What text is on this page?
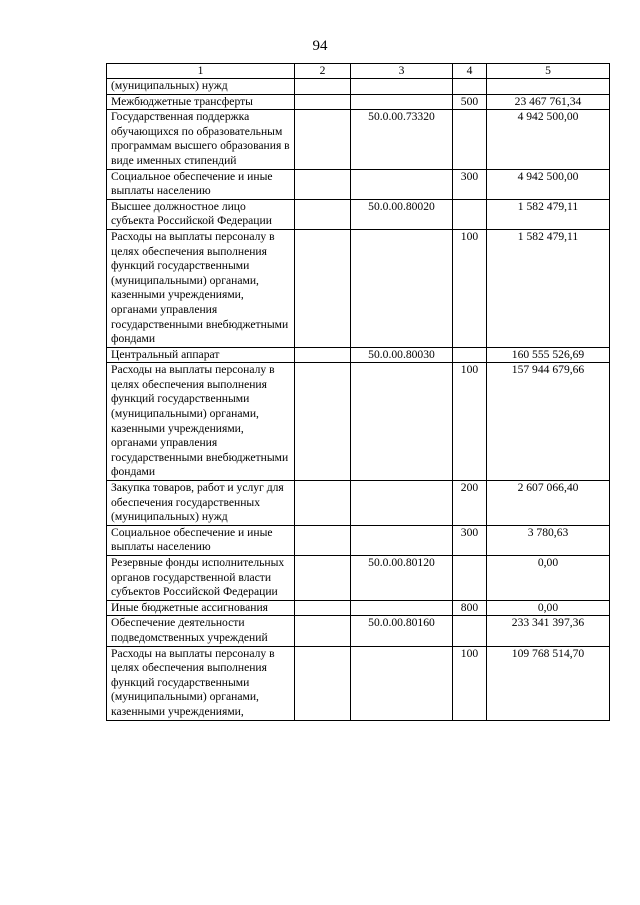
94
1	2	3	4	5
(муниципальных) нужд				
Межбюджетные трансферты			500	23 467 761,34
Государственная поддержка обучающихся по образовательным программам высшего образования в виде именных стипендий		50.0.00.73320		4 942 500,00
Социальное обеспечение и иные выплаты населению			300	4 942 500,00
Высшее должностное лицо субъекта Российской Федерации		50.0.00.80020		1 582 479,11
Расходы на выплаты персоналу в целях обеспечения выполнения функций государственными (муниципальными) органами, казенными учреждениями, органами управления государственными внебюджетными фондами			100	1 582 479,11
Центральный аппарат		50.0.00.80030		160 555 526,69
Расходы на выплаты персоналу в целях обеспечения выполнения функций государственными (муниципальными) органами, казенными учреждениями, органами управления государственными внебюджетными фондами			100	157 944 679,66
Закупка товаров, работ и услуг для обеспечения государственных (муниципальных) нужд			200	2 607 066,40
Социальное обеспечение и иные выплаты населению			300	3 780,63
Резервные фонды исполнительных органов государственной власти субъектов Российской Федерации		50.0.00.80120		0,00
Иные бюджетные ассигнования			800	0,00
Обеспечение деятельности подведомственных учреждений		50.0.00.80160		233 341 397,36
Расходы на выплаты персоналу в целях обеспечения выполнения функций государственными (муниципальными) органами, казенными учреждениями,			100	109 768 514,70
